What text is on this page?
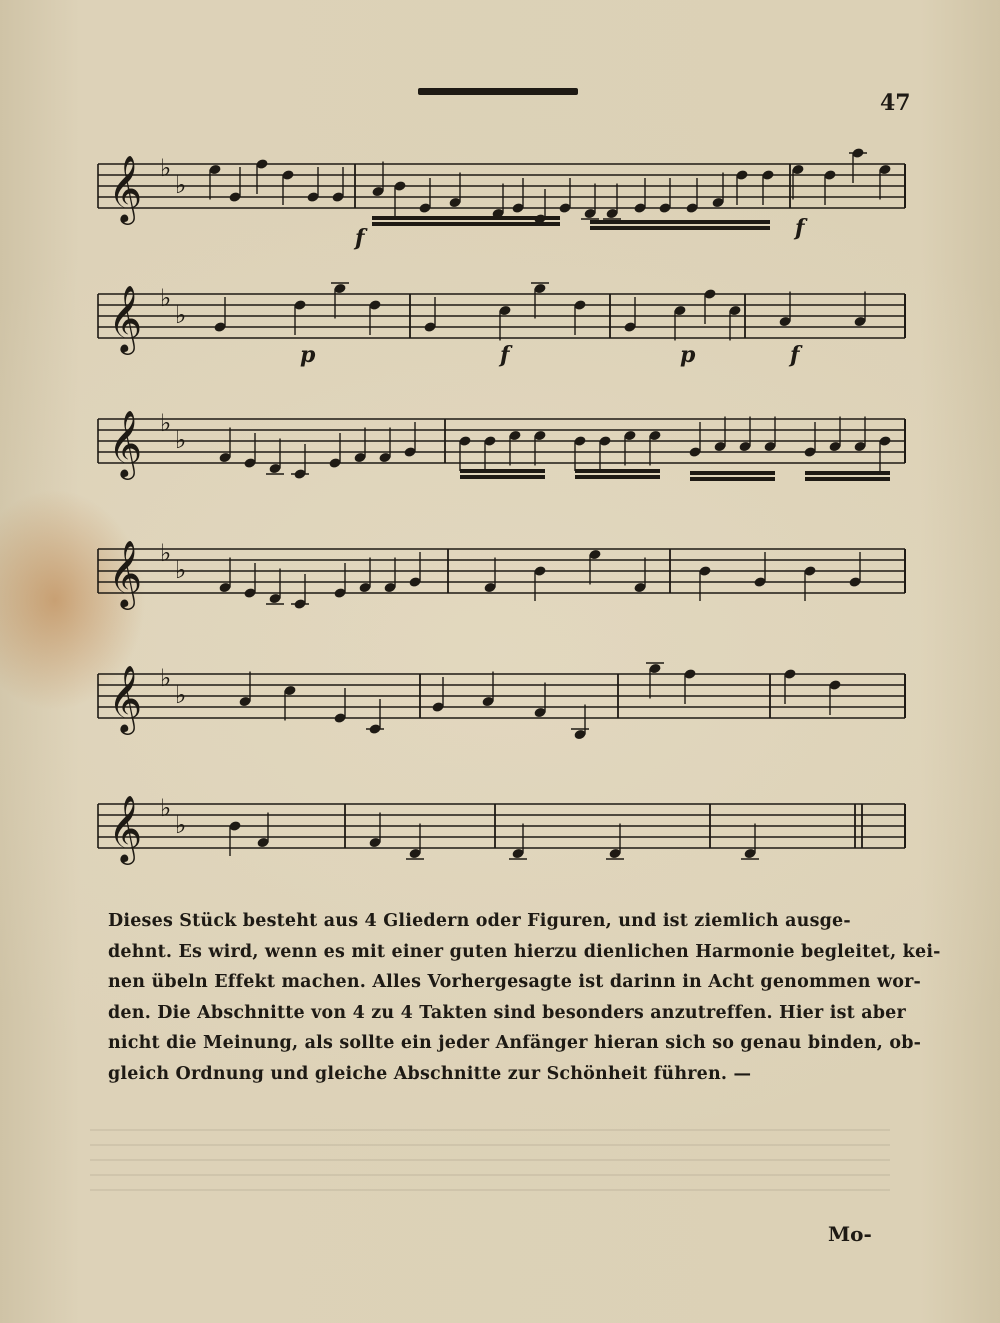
47
𝄞 ♭
♭
f	f
𝄞 ♭
♭
p	f	p	f
𝄞 ♭
♭
𝄞 ♭
♭
𝄞 ♭
♭
𝄞 ♭
♭
Dieses Stück besteht aus 4 Gliedern oder Figuren, und ist ziemlich ausge-
dehnt. Es wird, wenn es mit einer guten hierzu dienlichen Harmonie begleitet, kei-
nen übeln Effekt machen. Alles Vorhergesagte ist darinn in Acht genommen wor-
den. Die Abschnitte von 4 zu 4 Takten sind besonders anzutreffen. Hier ist aber
nicht die Meinung, als sollte ein jeder Anfänger hieran sich so genau binden, ob-
gleich Ordnung und gleiche Abschnitte zur Schönheit führen. —
Mo-
